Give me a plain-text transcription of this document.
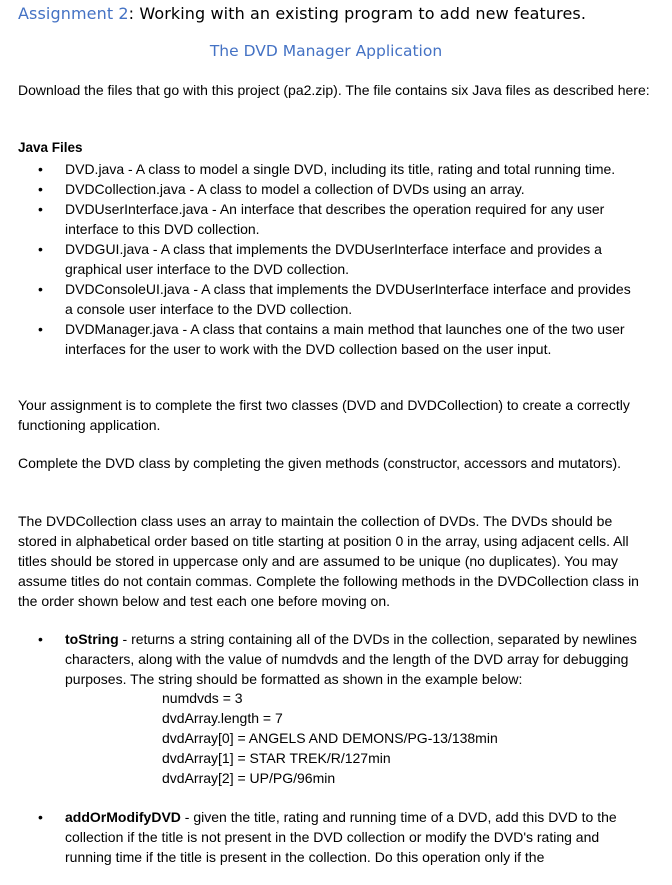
Assignment 2: Working with an existing program to add new features.
The DVD Manager Application
Download the files that go with this project (pa2.zip). The file contains six Java files as described here:
Java Files
• DVD.java - A class to model a single DVD, including its title, rating and total running time.
• DVDCollection.java - A class to model a collection of DVDs using an array.
• DVDUserInterface.java - An interface that describes the operation required for any user interface to this DVD collection.
• DVDGUI.java - A class that implements the DVDUserInterface interface and provides a graphical user interface to the DVD collection.
• DVDConsoleUI.java - A class that implements the DVDUserInterface interface and provides a console user interface to the DVD collection.
• DVDManager.java - A class that contains a main method that launches one of the two user interfaces for the user to work with the DVD collection based on the user input.
Your assignment is to complete the first two classes (DVD and DVDCollection) to create a correctly functioning application.
Complete the DVD class by completing the given methods (constructor, accessors and mutators).
The DVDCollection class uses an array to maintain the collection of DVDs. The DVDs should be stored in alphabetical order based on title starting at position 0 in the array, using adjacent cells. All titles should be stored in uppercase only and are assumed to be unique (no duplicates). You may assume titles do not contain commas. Complete the following methods in the DVDCollection class in the order shown below and test each one before moving on.
• toString - returns a string containing all of the DVDs in the collection, separated by newlines characters, along with the value of numdvds and the length of the DVD array for debugging purposes. The string should be formatted as shown in the example below:
numdvds = 3
dvdArray.length = 7
dvdArray[0] = ANGELS AND DEMONS/PG-13/138min
dvdArray[1] = STAR TREK/R/127min
dvdArray[2] = UP/PG/96min
• addOrModifyDVD - given the title, rating and running time of a DVD, add this DVD to the collection if the title is not present in the DVD collection or modify the DVD's rating and running time if the title is present in the collection. Do this operation only if the
